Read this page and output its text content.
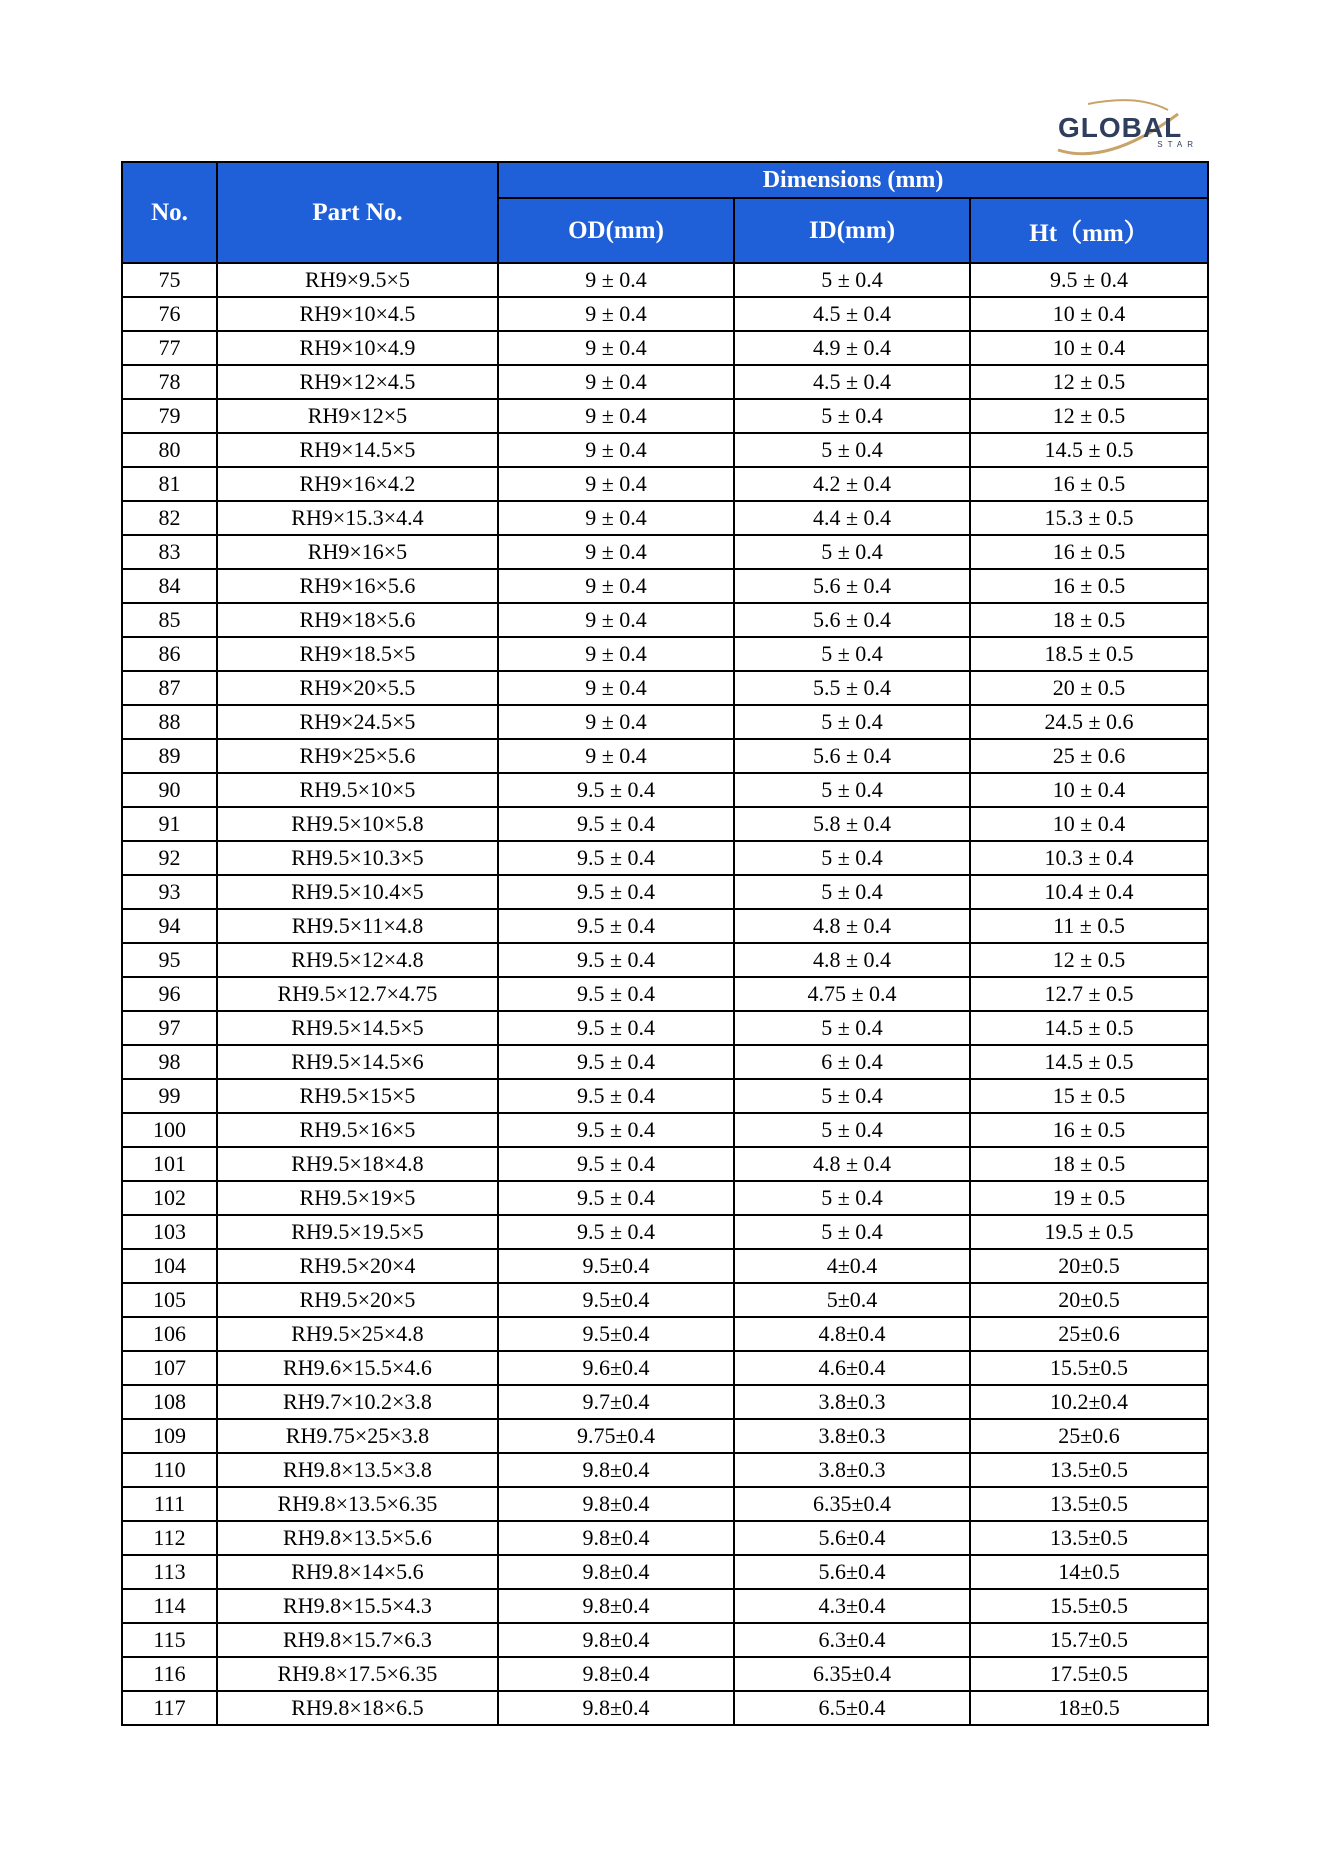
GLOBAL
STAR
No.	Part No.	Dimensions (mm)		
		OD(mm)	ID(mm)	Ht（mm）
75	RH9×9.5×5	9 ± 0.4	5 ± 0.4	9.5 ± 0.4
76	RH9×10×4.5	9 ± 0.4	4.5 ± 0.4	10 ± 0.4
77	RH9×10×4.9	9 ± 0.4	4.9 ± 0.4	10 ± 0.4
78	RH9×12×4.5	9 ± 0.4	4.5 ± 0.4	12 ± 0.5
79	RH9×12×5	9 ± 0.4	5 ± 0.4	12 ± 0.5
80	RH9×14.5×5	9 ± 0.4	5 ± 0.4	14.5 ± 0.5
81	RH9×16×4.2	9 ± 0.4	4.2 ± 0.4	16 ± 0.5
82	RH9×15.3×4.4	9 ± 0.4	4.4 ± 0.4	15.3 ± 0.5
83	RH9×16×5	9 ± 0.4	5 ± 0.4	16 ± 0.5
84	RH9×16×5.6	9 ± 0.4	5.6 ± 0.4	16 ± 0.5
85	RH9×18×5.6	9 ± 0.4	5.6 ± 0.4	18 ± 0.5
86	RH9×18.5×5	9 ± 0.4	5 ± 0.4	18.5 ± 0.5
87	RH9×20×5.5	9 ± 0.4	5.5 ± 0.4	20 ± 0.5
88	RH9×24.5×5	9 ± 0.4	5 ± 0.4	24.5 ± 0.6
89	RH9×25×5.6	9 ± 0.4	5.6 ± 0.4	25 ± 0.6
90	RH9.5×10×5	9.5 ± 0.4	5 ± 0.4	10 ± 0.4
91	RH9.5×10×5.8	9.5 ± 0.4	5.8 ± 0.4	10 ± 0.4
92	RH9.5×10.3×5	9.5 ± 0.4	5 ± 0.4	10.3 ± 0.4
93	RH9.5×10.4×5	9.5 ± 0.4	5 ± 0.4	10.4 ± 0.4
94	RH9.5×11×4.8	9.5 ± 0.4	4.8 ± 0.4	11 ± 0.5
95	RH9.5×12×4.8	9.5 ± 0.4	4.8 ± 0.4	12 ± 0.5
96	RH9.5×12.7×4.75	9.5 ± 0.4	4.75 ± 0.4	12.7 ± 0.5
97	RH9.5×14.5×5	9.5 ± 0.4	5 ± 0.4	14.5 ± 0.5
98	RH9.5×14.5×6	9.5 ± 0.4	6 ± 0.4	14.5 ± 0.5
99	RH9.5×15×5	9.5 ± 0.4	5 ± 0.4	15 ± 0.5
100	RH9.5×16×5	9.5 ± 0.4	5 ± 0.4	16 ± 0.5
101	RH9.5×18×4.8	9.5 ± 0.4	4.8 ± 0.4	18 ± 0.5
102	RH9.5×19×5	9.5 ± 0.4	5 ± 0.4	19 ± 0.5
103	RH9.5×19.5×5	9.5 ± 0.4	5 ± 0.4	19.5 ± 0.5
104	RH9.5×20×4	9.5±0.4	4±0.4	20±0.5
105	RH9.5×20×5	9.5±0.4	5±0.4	20±0.5
106	RH9.5×25×4.8	9.5±0.4	4.8±0.4	25±0.6
107	RH9.6×15.5×4.6	9.6±0.4	4.6±0.4	15.5±0.5
108	RH9.7×10.2×3.8	9.7±0.4	3.8±0.3	10.2±0.4
109	RH9.75×25×3.8	9.75±0.4	3.8±0.3	25±0.6
110	RH9.8×13.5×3.8	9.8±0.4	3.8±0.3	13.5±0.5
111	RH9.8×13.5×6.35	9.8±0.4	6.35±0.4	13.5±0.5
112	RH9.8×13.5×5.6	9.8±0.4	5.6±0.4	13.5±0.5
113	RH9.8×14×5.6	9.8±0.4	5.6±0.4	14±0.5
114	RH9.8×15.5×4.3	9.8±0.4	4.3±0.4	15.5±0.5
115	RH9.8×15.7×6.3	9.8±0.4	6.3±0.4	15.7±0.5
116	RH9.8×17.5×6.35	9.8±0.4	6.35±0.4	17.5±0.5
117	RH9.8×18×6.5	9.8±0.4	6.5±0.4	18±0.5
